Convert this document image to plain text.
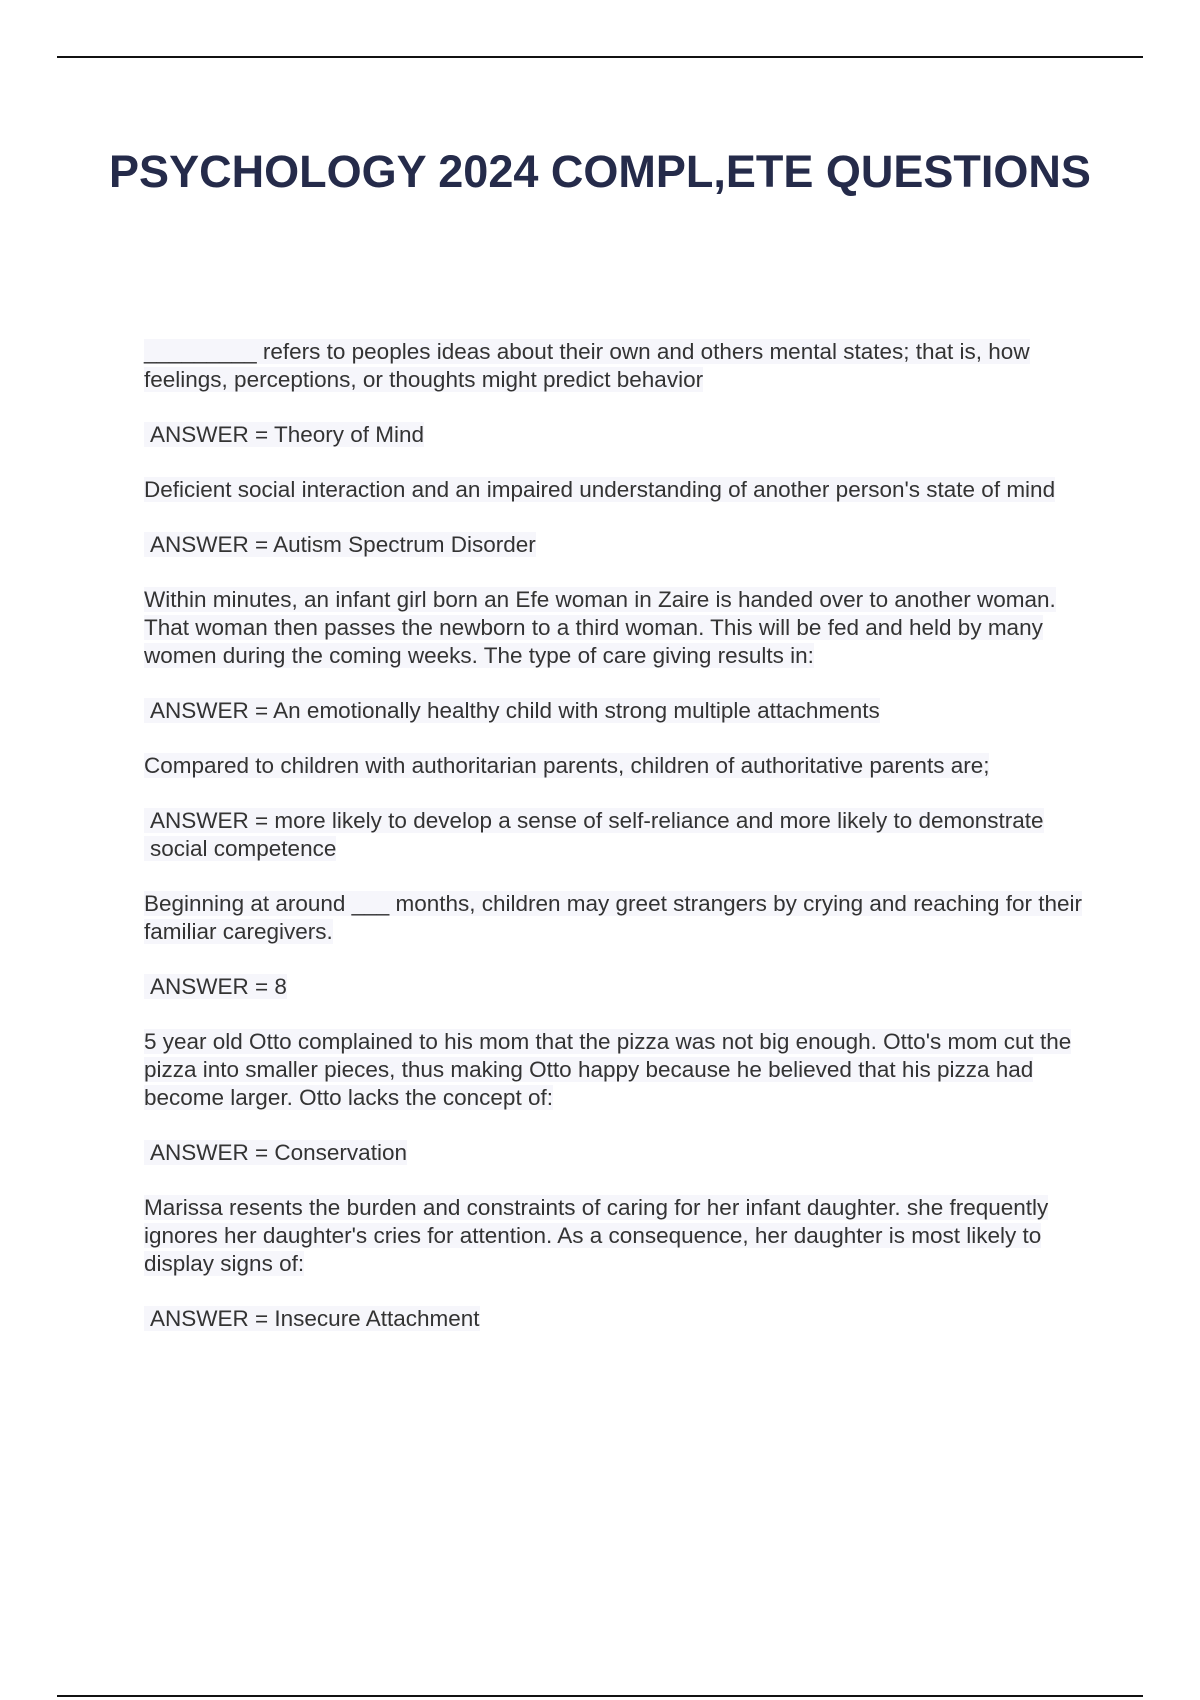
PSYCHOLOGY 2024 COMPL,ETE QUESTIONS
_________ refers to peoples ideas about their own and others mental states; that is, how feelings, perceptions, or thoughts might predict behavior
ANSWER = Theory of Mind
Deficient social interaction and an impaired understanding of another person's state of mind
ANSWER = Autism Spectrum Disorder
Within minutes, an infant girl born an Efe woman in Zaire is handed over to another woman. That woman then passes the newborn to a third woman. This will be fed and held by many women during the coming weeks. The type of care giving results in:
ANSWER = An emotionally healthy child with strong multiple attachments
Compared to children with authoritarian parents, children of authoritative parents are;
ANSWER = more likely to develop a sense of self-reliance and more likely to demonstrate social competence
Beginning at around ___ months, children may greet strangers by crying and reaching for their familiar caregivers.
ANSWER = 8
5 year old Otto complained to his mom that the pizza was not big enough. Otto's mom cut the pizza into smaller pieces, thus making Otto happy because he believed that his pizza had become larger. Otto lacks the concept of:
ANSWER = Conservation
Marissa resents the burden and constraints of caring for her infant daughter. she frequently ignores her daughter's cries for attention. As a consequence, her daughter is most likely to display signs of:
ANSWER = Insecure Attachment
